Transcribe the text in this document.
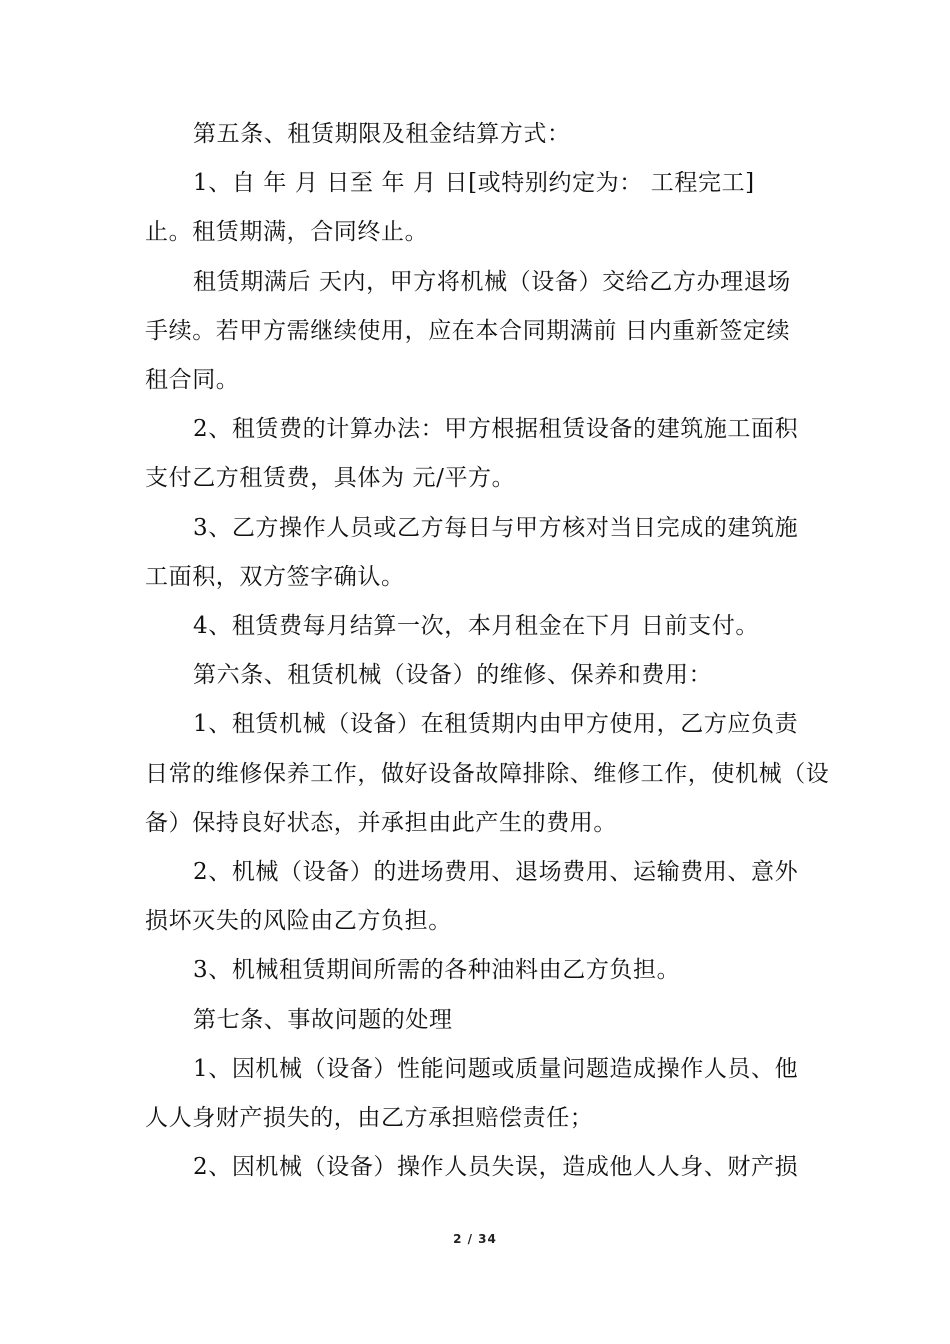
第五条、租赁期限及租金结算方式：

1、自 年 月 日至 年 月 日[或特别约定为： 工程完工]
止。租赁期满，合同终止。

租赁期满后 天内，甲方将机械（设备）交给乙方办理退场
手续。若甲方需继续使用，应在本合同期满前 日内重新签定续
租合同。

2、租赁费的计算办法：甲方根据租赁设备的建筑施工面积
支付乙方租赁费，具体为 元/平方。

3、乙方操作人员或乙方每日与甲方核对当日完成的建筑施
工面积，双方签字确认。

4、租赁费每月结算一次，本月租金在下月 日前支付。

第六条、租赁机械（设备）的维修、保养和费用：

1、租赁机械（设备）在租赁期内由甲方使用，乙方应负责
日常的维修保养工作，做好设备故障排除、维修工作，使机械（设
备）保持良好状态，并承担由此产生的费用。

2、机械（设备）的进场费用、退场费用、运输费用、意外
损坏灭失的风险由乙方负担。

3、机械租赁期间所需的各种油料由乙方负担。

第七条、事故问题的处理

1、因机械（设备）性能问题或质量问题造成操作人员、他
人人身财产损失的，由乙方承担赔偿责任；

2、因机械（设备）操作人员失误，造成他人人身、财产损

2 / 34
